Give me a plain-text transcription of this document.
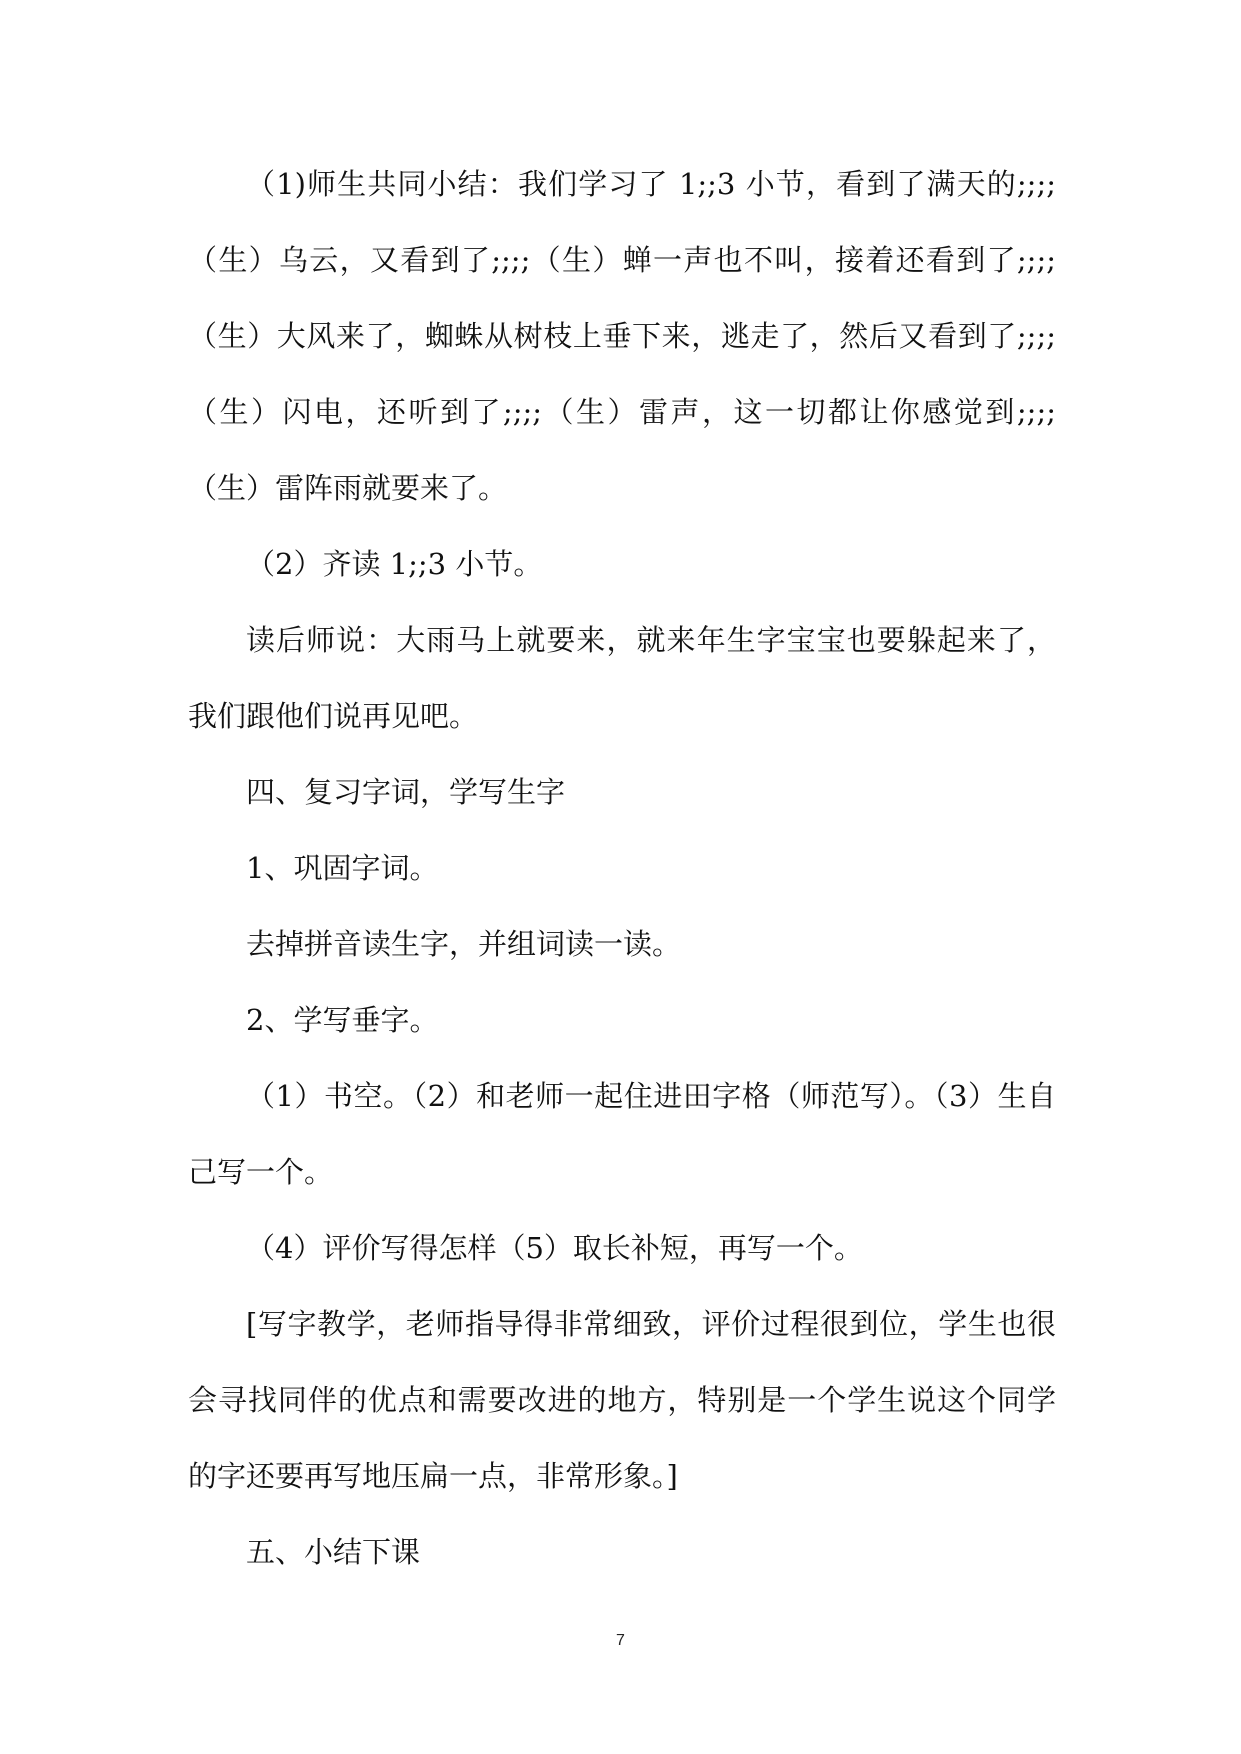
（1)师生共同小结：我们学习了 1;;3 小节，看到了满天的;;;;（生）乌云，又看到了;;;;（生）蝉一声也不叫，接着还看到了;;;;（生）大风来了，蜘蛛从树枝上垂下来，逃走了，然后又看到了;;;;（生）闪电，还听到了;;;;（生）雷声，这一切都让你感觉到;;;;（生）雷阵雨就要来了。

（2）齐读 1;;3 小节。

读后师说：大雨马上就要来，就来年生字宝宝也要躲起来了，我们跟他们说再见吧。

四、复习字词，学写生字

1、巩固字词。

去掉拼音读生字，并组词读一读。

2、学写垂字。

（1）书空。（2）和老师一起住进田字格（师范写）。（3）生自己写一个。

（4）评价写得怎样（5）取长补短，再写一个。

[写字教学，老师指导得非常细致，评价过程很到位，学生也很会寻找同伴的优点和需要改进的地方，特别是一个学生说这个同学的字还要再写地压扁一点，非常形象。]

五、小结下课

7
